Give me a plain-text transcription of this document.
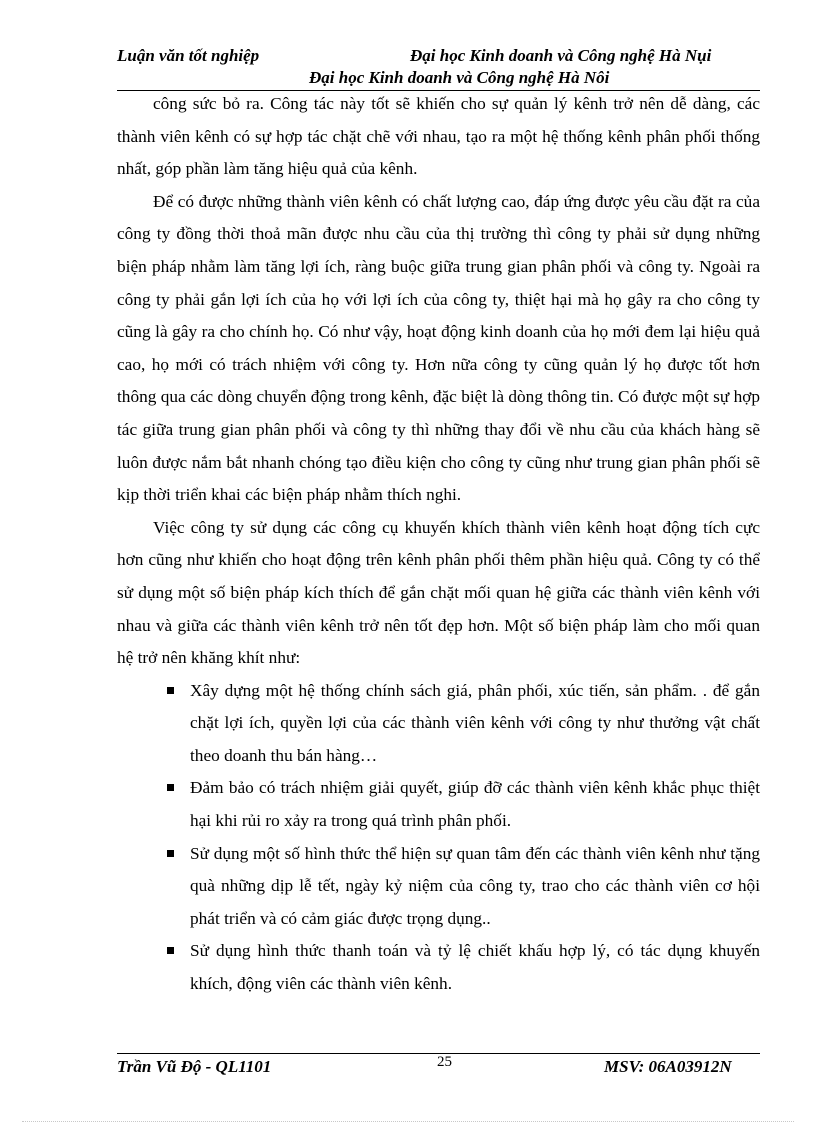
Luận văn tốt nghiệp	Đại học Kinh doanh và Công nghệ Hà Nụi
Đại học Kinh doanh và Công nghệ Hà Nôi

công sức bỏ ra. Công tác này tốt sẽ khiến cho sự quản lý kênh trở nên dễ dàng, các thành viên kênh có sự hợp tác chặt chẽ với nhau, tạo ra một hệ thống kênh phân phối thống nhất, góp phần làm tăng hiệu quả của kênh.

Để có được những thành viên kênh có chất lượng cao, đáp ứng được yêu cầu đặt ra của công ty đồng thời thoả mãn được nhu cầu của thị trường thì công ty phải sử dụng những biện pháp nhằm làm tăng lợi ích, ràng buộc giữa trung gian phân phối và công ty. Ngoài ra công ty phải gắn lợi ích của họ với lợi ích của công ty, thiệt hại mà họ gây ra cho công ty cũng là gây ra cho chính họ. Có như vậy, hoạt động kinh doanh của họ mới đem lại hiệu quả cao, họ mới có trách nhiệm với công ty. Hơn nữa công ty cũng quản lý họ được tốt hơn thông qua các dòng chuyển động trong kênh, đặc biệt là dòng thông tin. Có được một sự hợp tác giữa trung gian phân phối và công ty thì những thay đổi về nhu cầu của khách hàng sẽ luôn được nắm bắt nhanh chóng tạo điều kiện cho công ty cũng như trung gian phân phối sẽ kịp thời triển khai các biện pháp nhằm thích nghi.

Việc công ty sử dụng các công cụ khuyến khích thành viên kênh hoạt động tích cực hơn cũng như khiến cho hoạt động trên kênh phân phối thêm phần hiệu quả. Công ty có thể sử dụng một số biện pháp kích thích để gắn chặt mối quan hệ giữa các thành viên kênh với nhau và giữa các thành viên kênh trở nên tốt đẹp hơn. Một số biện pháp làm cho mối quan hệ trở nên khăng khít như:

Xây dựng một hệ thống chính sách giá, phân phối, xúc tiến, sản phẩm. . để gắn chặt lợi ích, quyền lợi của các thành viên kênh với công ty như thưởng vật chất theo doanh thu bán hàng…
Đảm bảo có trách nhiệm giải quyết, giúp đỡ các thành viên kênh khắc phục thiệt hại khi rủi ro xảy ra trong quá trình phân phối.
Sử dụng một số hình thức thể hiện sự quan tâm đến các thành viên kênh như tặng quà những dịp lễ tết, ngày kỷ niệm của công ty, trao cho các thành viên cơ hội phát triển và có cảm giác được trọng dụng..
Sử dụng hình thức thanh toán và tỷ lệ chiết khấu hợp lý, có tác dụng khuyến khích, động viên các thành viên kênh.
Trần Vũ Độ - QL1101	25	MSV: 06A03912N
